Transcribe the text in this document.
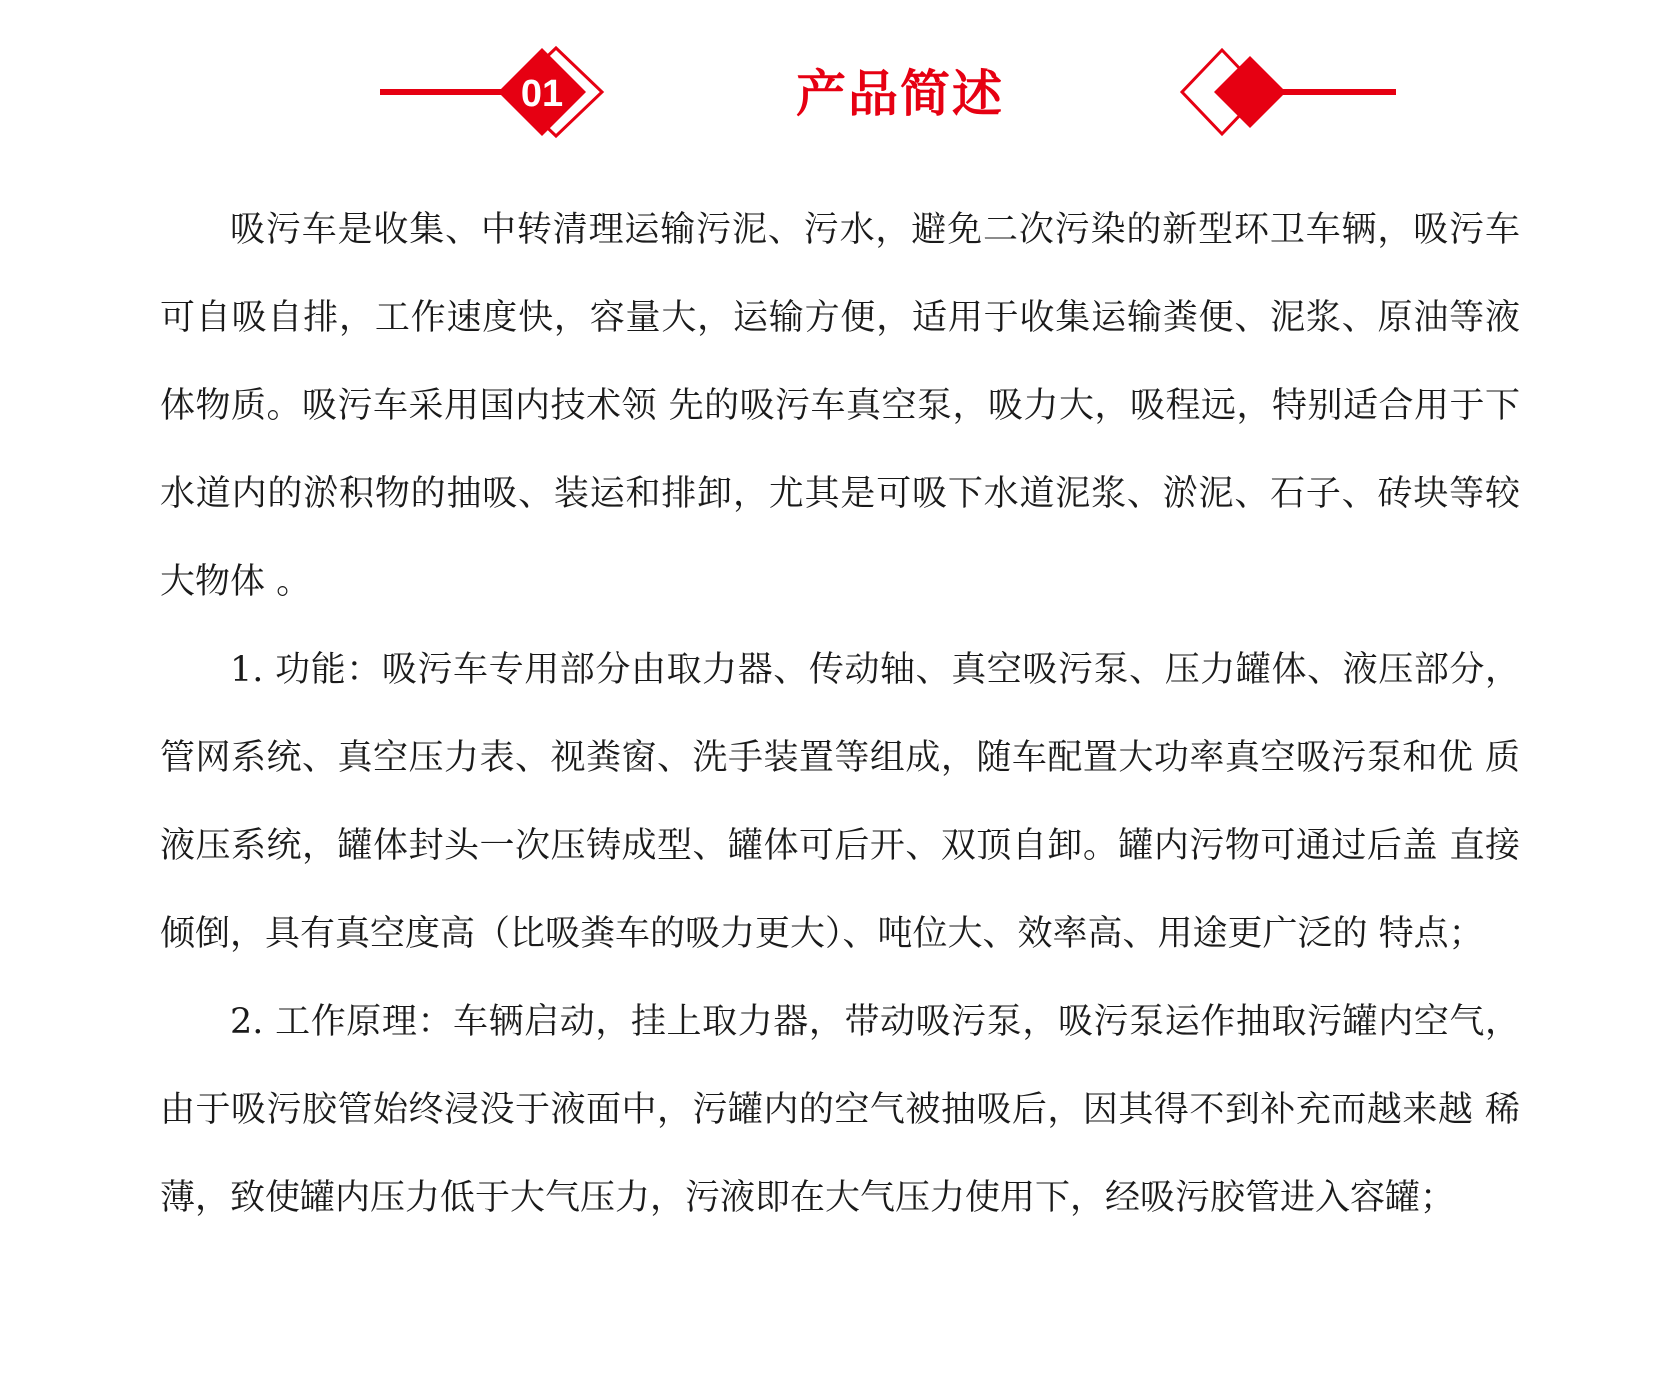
01	产品简述

吸污车是收集、中转清理运输污泥、污水，避免二次污染的新型环卫车辆，吸污车可自吸自排，工作速度快，容量大，运输方便，适用于收集运输粪便、泥浆、原油等液体物质。吸污车采用国内技术领 先的吸污车真空泵，吸力大，吸程远，特别适合用于下水道内的淤积物的抽吸、装运和排卸，尤其是可吸下水道泥浆、淤泥、石子、砖块等较大物体 。

1. 功能：吸污车专用部分由取力器、传动轴、真空吸污泵、压力罐体、液压部分， 管网系统、真空压力表、视粪窗、洗手装置等组成，随车配置大功率真空吸污泵和优 质液压系统，罐体封头一次压铸成型、罐体可后开、双顶自卸。罐内污物可通过后盖 直接倾倒，具有真空度高（比吸粪车的吸力更大）、吨位大、效率高、用途更广泛的 特点；

2. 工作原理：车辆启动，挂上取力器，带动吸污泵，吸污泵运作抽取污罐内空气， 由于吸污胶管始终浸没于液面中，污罐内的空气被抽吸后，因其得不到补充而越来越 稀薄，致使罐内压力低于大气压力，污液即在大气压力使用下，经吸污胶管进入容罐；
